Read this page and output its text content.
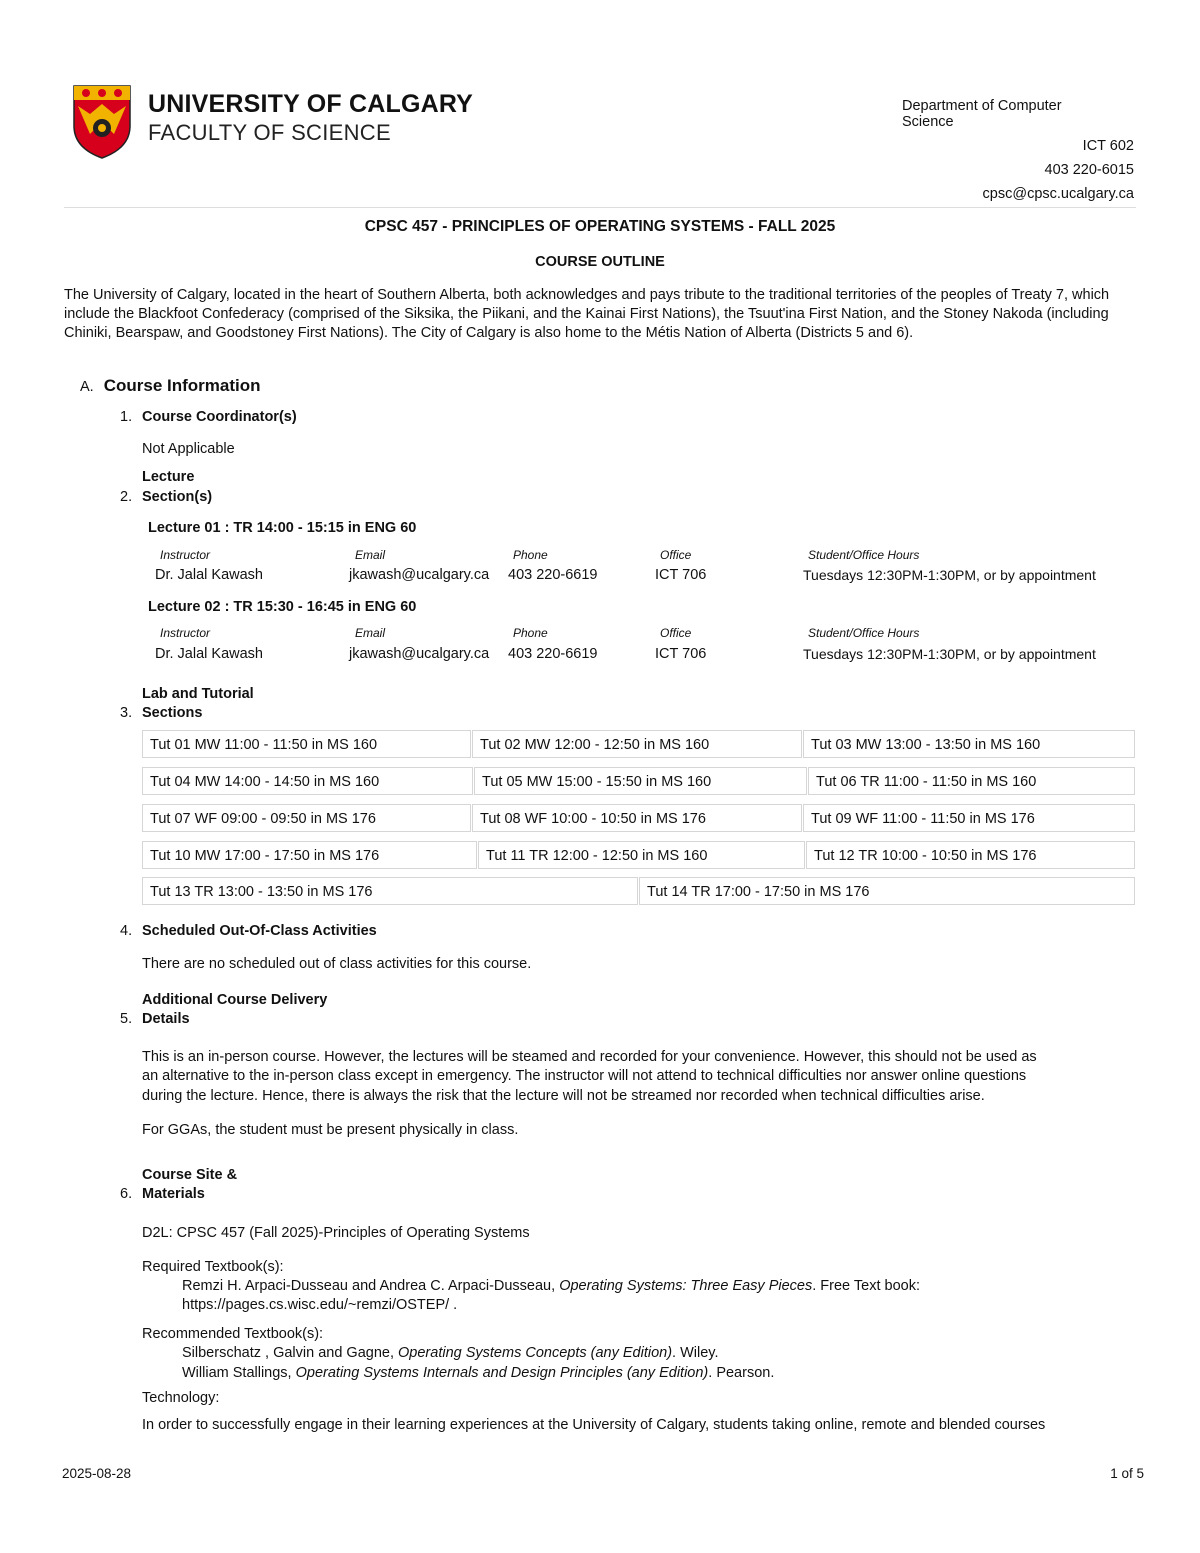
UNIVERSITY OF CALGARY
FACULTY OF SCIENCE
Department of Computer Science
ICT 602
403 220-6015
cpsc@cpsc.ucalgary.ca
CPSC 457 - PRINCIPLES OF OPERATING SYSTEMS - FALL 2025
COURSE OUTLINE
The University of Calgary, located in the heart of Southern Alberta, both acknowledges and pays tribute to the traditional territories of the peoples of Treaty 7, which include the Blackfoot Confederacy (comprised of the Siksika, the Piikani, and the Kainai First Nations), the Tsuut'ina First Nation, and the Stoney Nakoda (including Chiniki, Bearspaw, and Goodstoney First Nations). The City of Calgary is also home to the Métis Nation of Alberta (Districts 5 and 6).
A. Course Information
1. Course Coordinator(s)
Not Applicable
Lecture
2. Section(s)
Lecture 01 : TR 14:00 - 15:15 in ENG 60
Instructor	Email	Phone	Office	Student/Office Hours
Dr. Jalal Kawash	jkawash@ucalgary.ca 403 220-6619	ICT 706	Tuesdays 12:30PM-1:30PM, or by appointment
Lecture 02 : TR 15:30 - 16:45 in ENG 60
Instructor	Email	Phone	Office	Student/Office Hours
Dr. Jalal Kawash	jkawash@ucalgary.ca 403 220-6619	ICT 706	Tuesdays 12:30PM-1:30PM, or by appointment
Lab and Tutorial
3. Sections
Tut 01 MW 11:00 - 11:50 in MS 160	Tut 02 MW 12:00 - 12:50 in MS 160	Tut 03 MW 13:00 - 13:50 in MS 160
Tut 04 MW 14:00 - 14:50 in MS 160	Tut 05 MW 15:00 - 15:50 in MS 160	Tut 06 TR 11:00 - 11:50 in MS 160
Tut 07 WF 09:00 - 09:50 in MS 176	Tut 08 WF 10:00 - 10:50 in MS 176	Tut 09 WF 11:00 - 11:50 in MS 176
Tut 10 MW 17:00 - 17:50 in MS 176	Tut 11 TR 12:00 - 12:50 in MS 160	Tut 12 TR 10:00 - 10:50 in MS 176
Tut 13 TR 13:00 - 13:50 in MS 176	Tut 14 TR 17:00 - 17:50 in MS 176
4. Scheduled Out-Of-Class Activities
There are no scheduled out of class activities for this course.
Additional Course Delivery
5. Details
This is an in-person course. However, the lectures will be steamed and recorded for your convenience. However, this should not be used as
an alternative to the in-person class except in emergency. The instructor will not attend to technical difficulties nor answer online questions
during the lecture. Hence, there is always the risk that the lecture will not be streamed nor recorded when technical difficulties arise.
For GGAs, the student must be present physically in class.
Course Site &
6. Materials
D2L: CPSC 457 (Fall 2025)-Principles of Operating Systems
Required Textbook(s):
Remzi H. Arpaci-Dusseau and Andrea C. Arpaci-Dusseau, Operating Systems: Three Easy Pieces. Free Text book:
https://pages.cs.wisc.edu/~remzi/OSTEP/ .
Recommended Textbook(s):
Silberschatz , Galvin and Gagne, Operating Systems Concepts (any Edition). Wiley.
William Stallings, Operating Systems Internals and Design Principles (any Edition). Pearson.
Technology:
In order to successfully engage in their learning experiences at the University of Calgary, students taking online, remote and blended courses
2025-08-28	1 of 5
